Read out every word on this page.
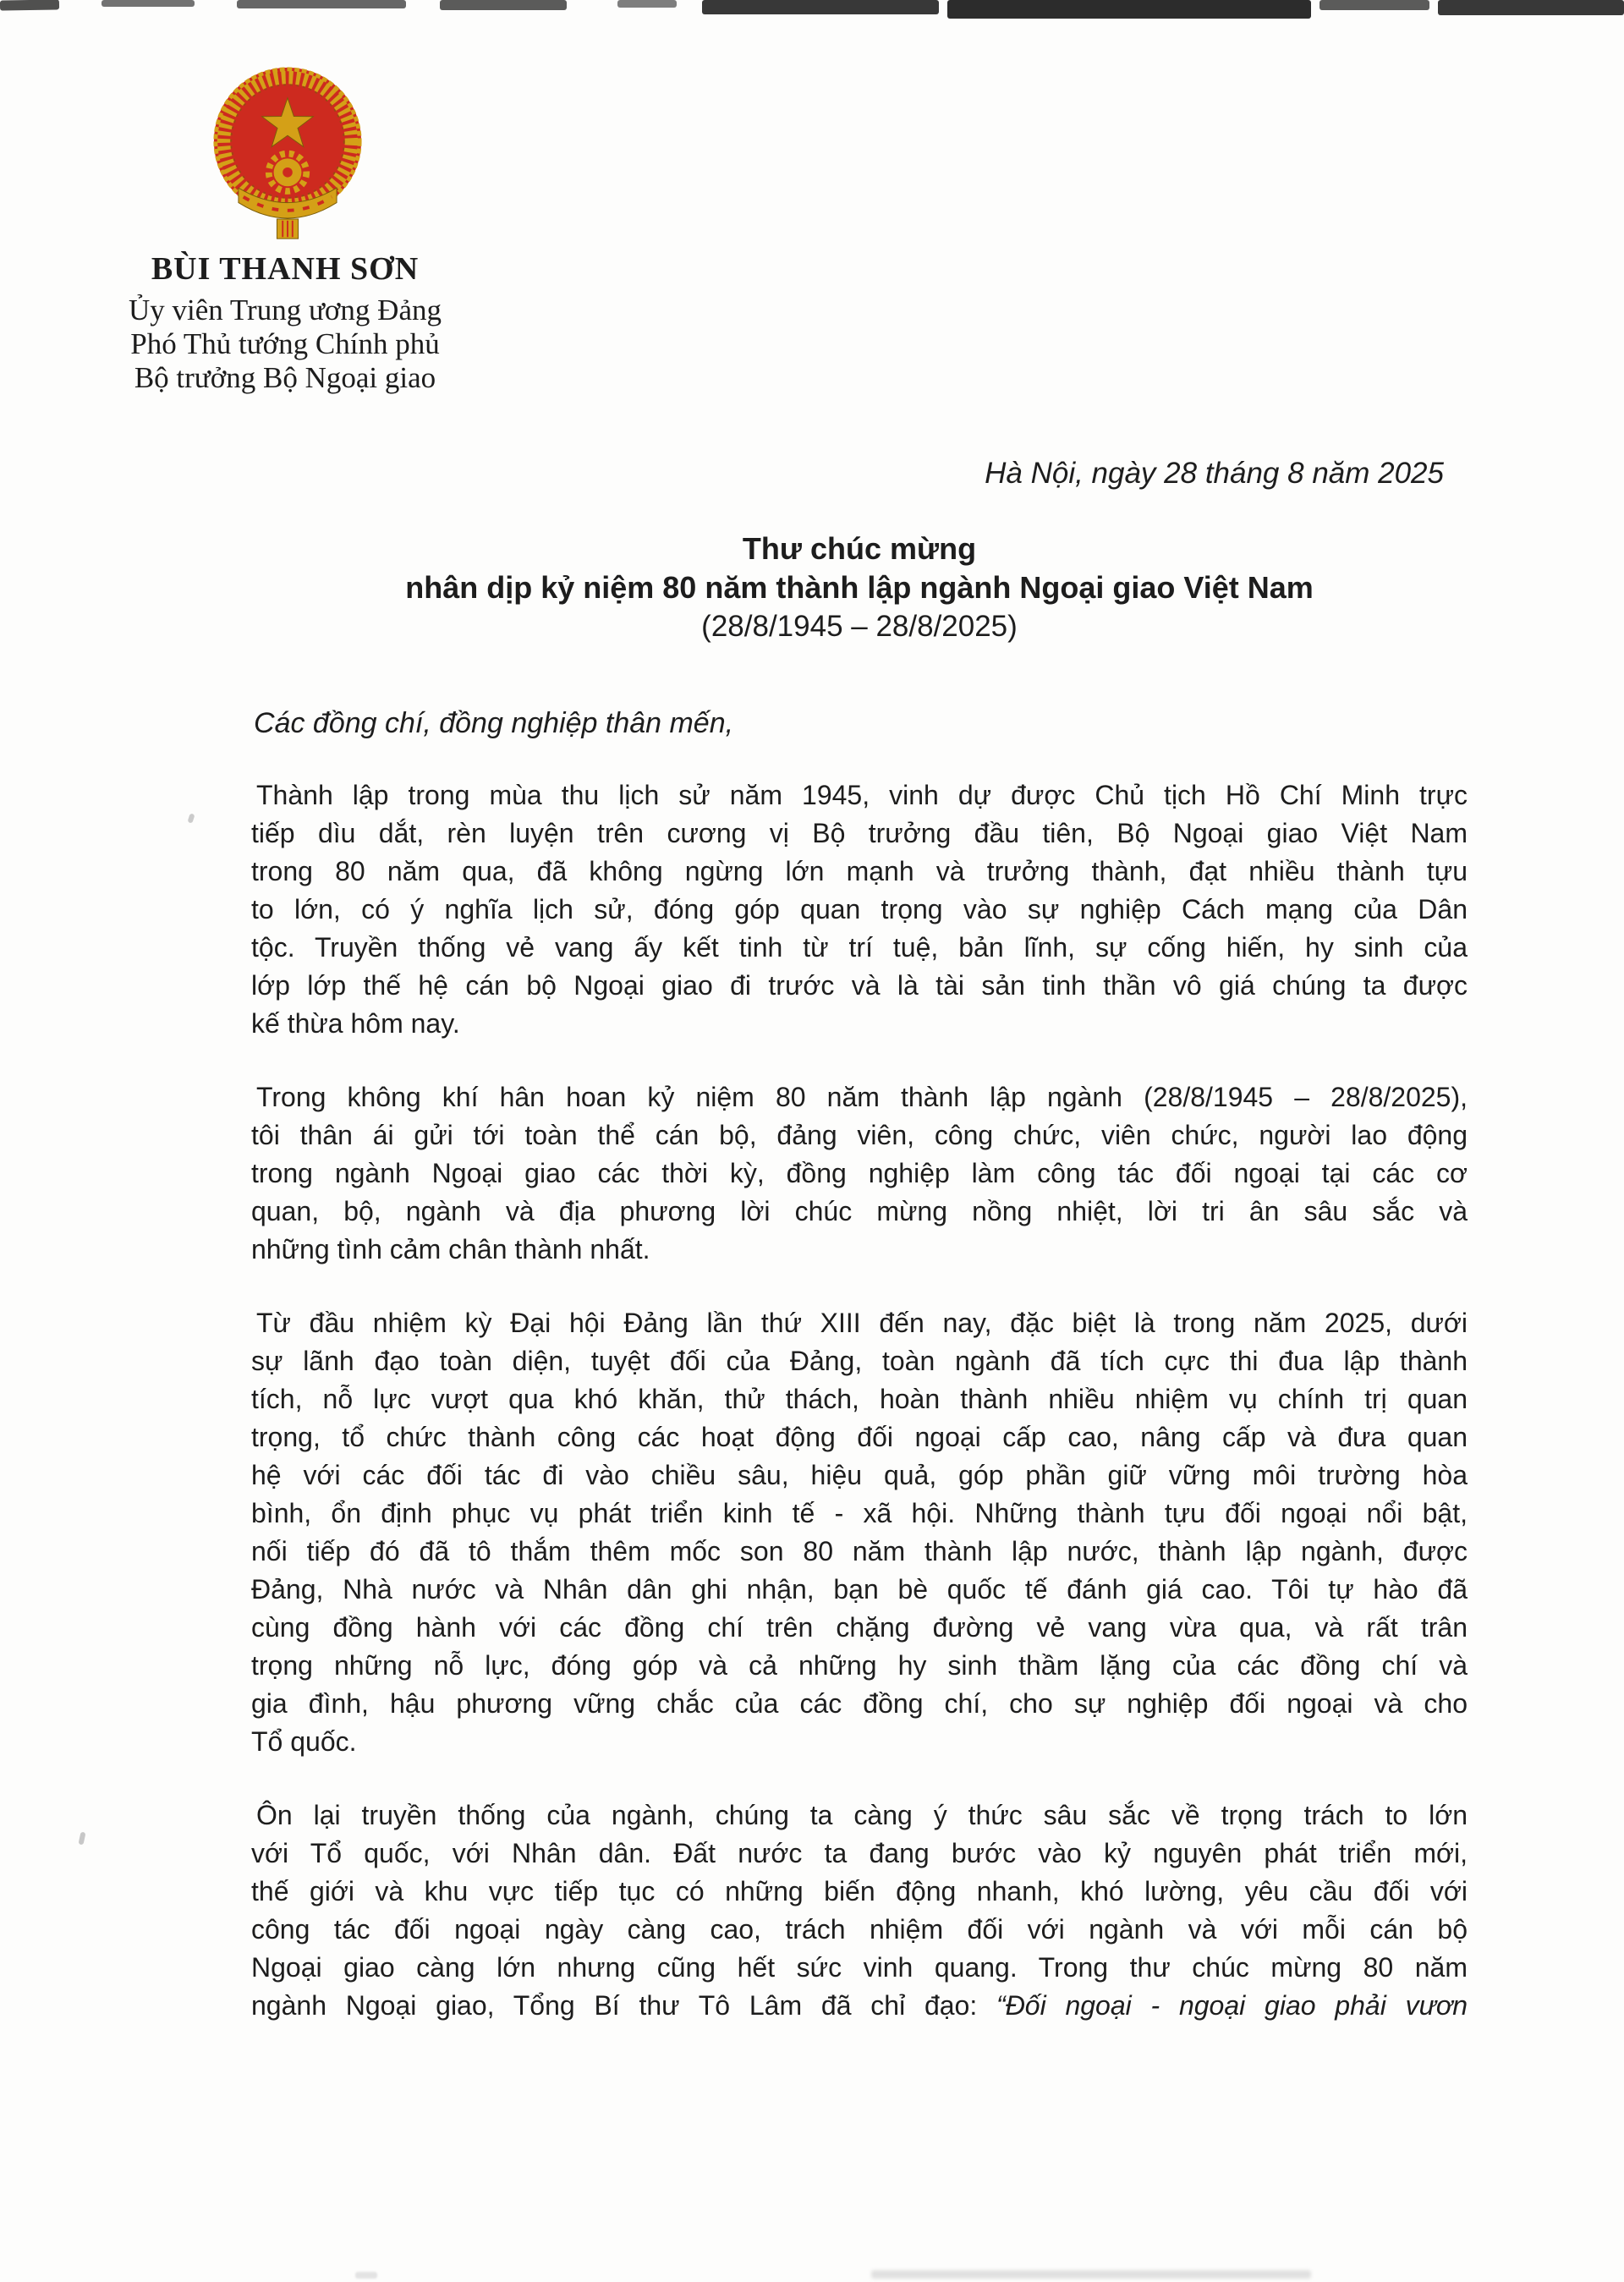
BÙI THANH SƠN
Ủy viên Trung ương Đảng
Phó Thủ tướng Chính phủ
Bộ trưởng Bộ Ngoại giao
Hà Nội, ngày 28 tháng 8 năm 2025
Thư chúc mừng
nhân dịp kỷ niệm 80 năm thành lập ngành Ngoại giao Việt Nam
(28/8/1945 – 28/8/2025)
Các đồng chí, đồng nghiệp thân mến,
Thành lập trong mùa thu lịch sử năm 1945, vinh dự được Chủ tịch Hồ Chí Minh trực
tiếp dìu dắt, rèn luyện trên cương vị Bộ trưởng đầu tiên, Bộ Ngoại giao Việt Nam
trong 80 năm qua, đã không ngừng lớn mạnh và trưởng thành, đạt nhiều thành tựu
to lớn, có ý nghĩa lịch sử, đóng góp quan trọng vào sự nghiệp Cách mạng của Dân
tộc. Truyền thống vẻ vang ấy kết tinh từ trí tuệ, bản lĩnh, sự cống hiến, hy sinh của
lớp lớp thế hệ cán bộ Ngoại giao đi trước và là tài sản tinh thần vô giá chúng ta được
kế thừa hôm nay.
Trong không khí hân hoan kỷ niệm 80 năm thành lập ngành (28/8/1945 – 28/8/2025),
tôi thân ái gửi tới toàn thể cán bộ, đảng viên, công chức, viên chức, người lao động
trong ngành Ngoại giao các thời kỳ, đồng nghiệp làm công tác đối ngoại tại các cơ
quan, bộ, ngành và địa phương lời chúc mừng nồng nhiệt, lời tri ân sâu sắc và
những tình cảm chân thành nhất.
Từ đầu nhiệm kỳ Đại hội Đảng lần thứ XIII đến nay, đặc biệt là trong năm 2025, dưới
sự lãnh đạo toàn diện, tuyệt đối của Đảng, toàn ngành đã tích cực thi đua lập thành
tích, nỗ lực vượt qua khó khăn, thử thách, hoàn thành nhiều nhiệm vụ chính trị quan
trọng, tổ chức thành công các hoạt động đối ngoại cấp cao, nâng cấp và đưa quan
hệ với các đối tác đi vào chiều sâu, hiệu quả, góp phần giữ vững môi trường hòa
bình, ổn định phục vụ phát triển kinh tế - xã hội. Những thành tựu đối ngoại nổi bật,
nối tiếp đó đã tô thắm thêm mốc son 80 năm thành lập nước, thành lập ngành, được
Đảng, Nhà nước và Nhân dân ghi nhận, bạn bè quốc tế đánh giá cao. Tôi tự hào đã
cùng đồng hành với các đồng chí trên chặng đường vẻ vang vừa qua, và rất trân
trọng những nỗ lực, đóng góp và cả những hy sinh thầm lặng của các đồng chí và
gia đình, hậu phương vững chắc của các đồng chí, cho sự nghiệp đối ngoại và cho
Tổ quốc.
Ôn lại truyền thống của ngành, chúng ta càng ý thức sâu sắc về trọng trách to lớn
với Tổ quốc, với Nhân dân. Đất nước ta đang bước vào kỷ nguyên phát triển mới,
thế giới và khu vực tiếp tục có những biến động nhanh, khó lường, yêu cầu đối với
công tác đối ngoại ngày càng cao, trách nhiệm đối với ngành và với mỗi cán bộ
Ngoại giao càng lớn nhưng cũng hết sức vinh quang. Trong thư chúc mừng 80 năm
ngành Ngoại giao, Tổng Bí thư Tô Lâm đã chỉ đạo: “Đối ngoại - ngoại giao phải vươn
